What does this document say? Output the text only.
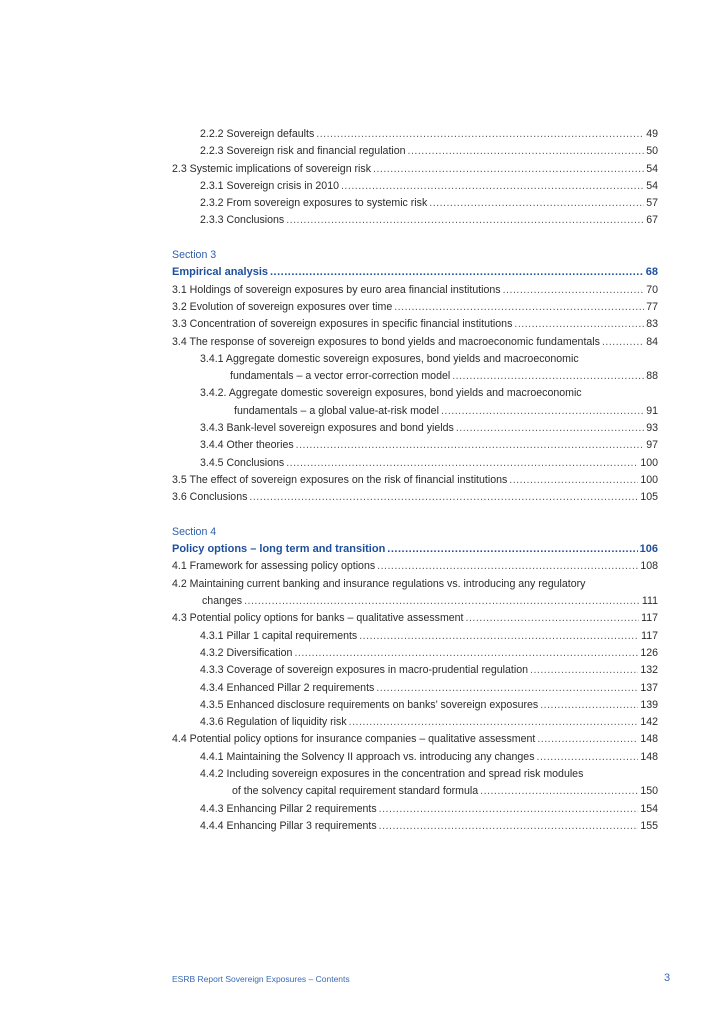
2.2.2 Sovereign defaults .....	49
2.2.3 Sovereign risk and financial regulation .....	50
2.3 Systemic implications of sovereign risk .....	54
2.3.1 Sovereign crisis in 2010 .....	54
2.3.2 From sovereign exposures to systemic risk .....	57
2.3.3 Conclusions .....	67
Section 3
Empirical analysis .....	68
3.1 Holdings of sovereign exposures by euro area financial institutions .....	70
3.2 Evolution of sovereign exposures over time .....	77
3.3 Concentration of sovereign exposures in specific financial institutions .....	83
3.4 The response of sovereign exposures to bond yields and macroeconomic fundamentals .....	84
3.4.1 Aggregate domestic sovereign exposures, bond yields and macroeconomic
fundamentals – a vector error-correction model .....	88
3.4.2. Aggregate domestic sovereign exposures, bond yields and macroeconomic
fundamentals – a global value-at-risk model .....	91
3.4.3 Bank-level sovereign exposures and bond yields .....	93
3.4.4 Other theories .....	97
3.4.5 Conclusions .....	100
3.5 The effect of sovereign exposures on the risk of financial institutions .....	100
3.6 Conclusions .....	105
Section 4
Policy options – long term and transition .....	106
4.1 Framework for assessing policy options .....	108
4.2 Maintaining current banking and insurance regulations vs. introducing any regulatory
changes .....	111
4.3 Potential policy options for banks – qualitative assessment .....	117
4.3.1 Pillar 1 capital requirements .....	117
4.3.2 Diversification .....	126
4.3.3 Coverage of sovereign exposures in macro-prudential regulation .....	132
4.3.4 Enhanced Pillar 2 requirements .....	137
4.3.5 Enhanced disclosure requirements on banks’ sovereign exposures .....	139
4.3.6 Regulation of liquidity risk .....	142
4.4 Potential policy options for insurance companies – qualitative assessment .....	148
4.4.1 Maintaining the Solvency II approach vs. introducing any changes .....	148
4.4.2 Including sovereign exposures in the concentration and spread risk modules
of the solvency capital requirement standard formula .....	150
4.4.3 Enhancing Pillar 2 requirements .....	154
4.4.4 Enhancing Pillar 3 requirements .....	155
ESRB Report Sovereign Exposures – Contents	3
